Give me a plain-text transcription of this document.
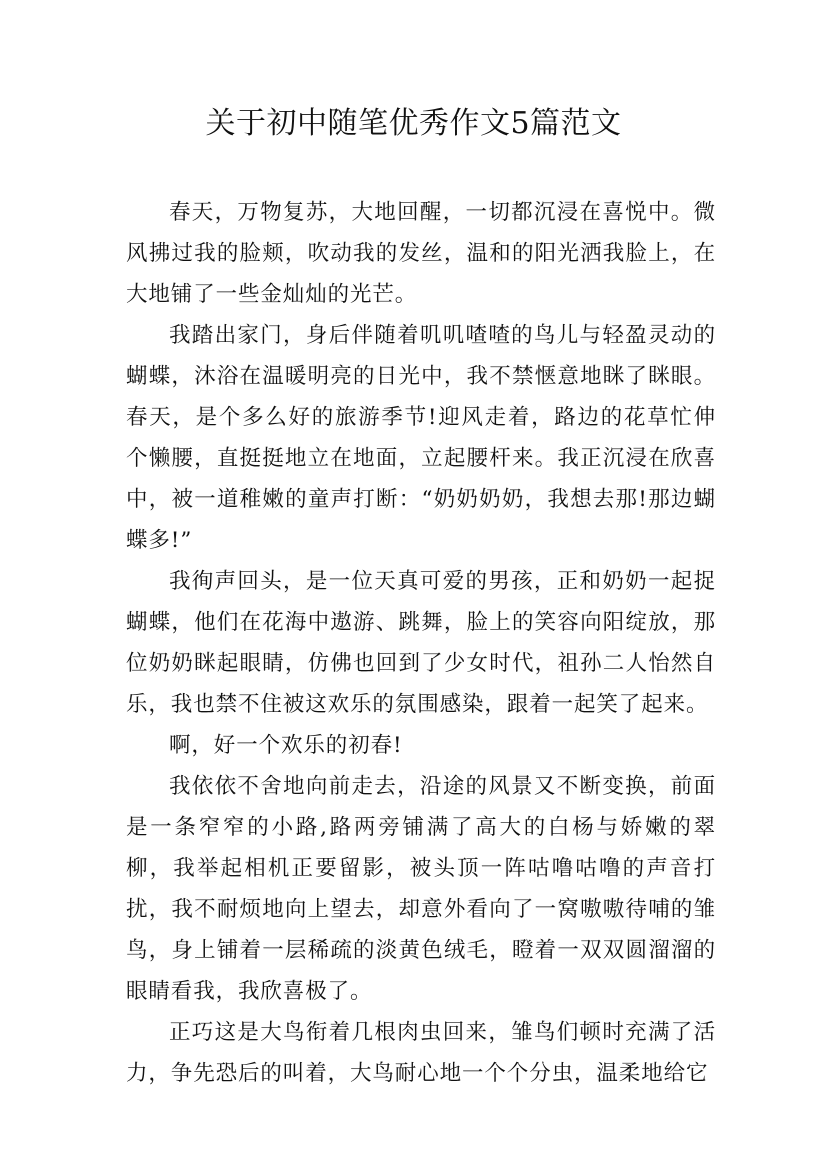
关于初中随笔优秀作文5篇范文

春天，万物复苏，大地回醒，一切都沉浸在喜悦中。微风拂过我的脸颊，吹动我的发丝，温和的阳光洒我脸上，在大地铺了一些金灿灿的光芒。

我踏出家门，身后伴随着叽叽喳喳的鸟儿与轻盈灵动的蝴蝶，沐浴在温暖明亮的日光中，我不禁惬意地眯了眯眼。春天，是个多么好的旅游季节!迎风走着，路边的花草忙伸个懒腰，直挺挺地立在地面，立起腰杆来。我正沉浸在欣喜中，被一道稚嫩的童声打断：“奶奶奶奶，我想去那!那边蝴蝶多!”

我徇声回头，是一位天真可爱的男孩，正和奶奶一起捉蝴蝶，他们在花海中遨游、跳舞，脸上的笑容向阳绽放，那位奶奶眯起眼睛，仿佛也回到了少女时代，祖孙二人怡然自乐，我也禁不住被这欢乐的氛围感染，跟着一起笑了起来。

啊，好一个欢乐的初春!

我依依不舍地向前走去，沿途的风景又不断变换，前面是一条窄窄的小路,路两旁铺满了高大的白杨与娇嫩的翠柳，我举起相机正要留影，被头顶一阵咕噜咕噜的声音打扰，我不耐烦地向上望去，却意外看向了一窝嗷嗷待哺的雏鸟，身上铺着一层稀疏的淡黄色绒毛，瞪着一双双圆溜溜的眼睛看我，我欣喜极了。

正巧这是大鸟衔着几根肉虫回来，雏鸟们顿时充满了活力，争先恐后的叫着，大鸟耐心地一个个分虫，温柔地给它
